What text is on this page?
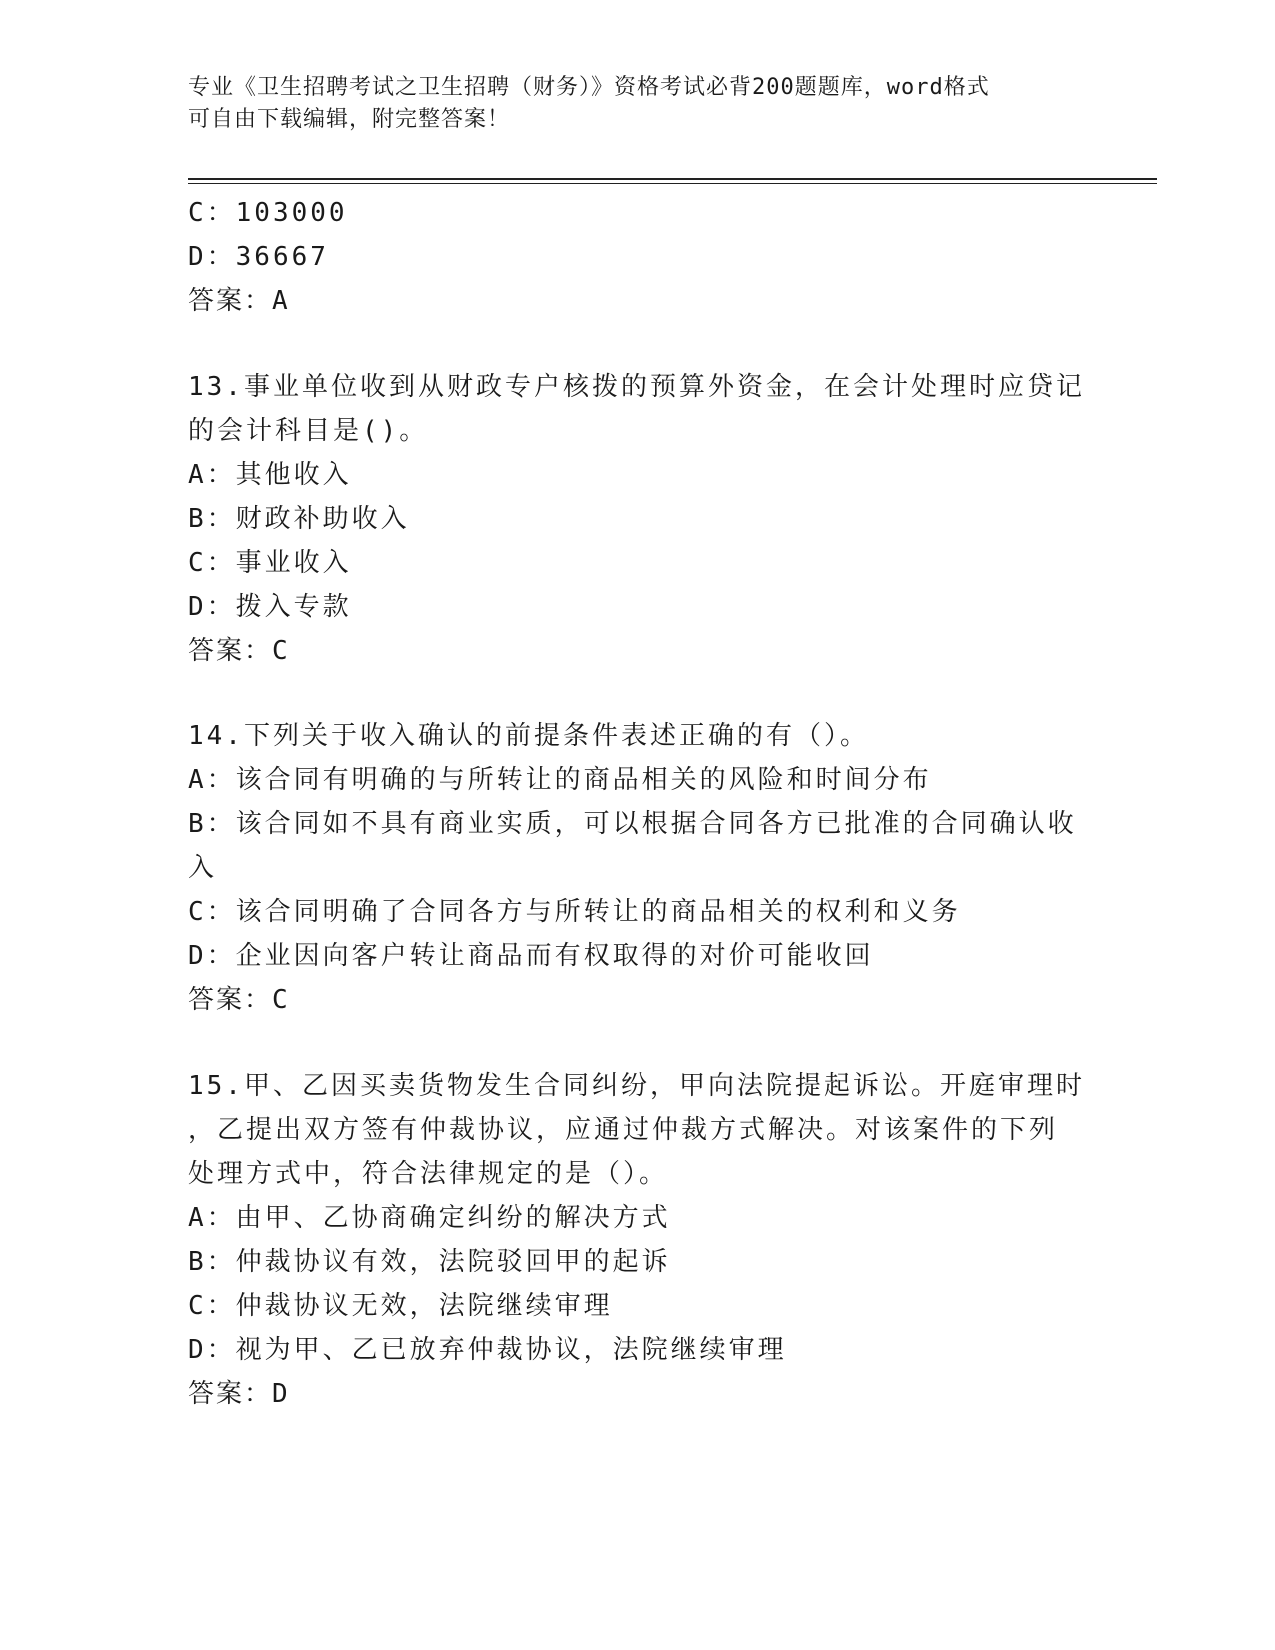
专业《卫生招聘考试之卫生招聘（财务）》资格考试必背200题题库，word格式
可自由下载编辑，附完整答案！
C：103000
D：36667
答案：A
13.事业单位收到从财政专户核拨的预算外资金，在会计处理时应贷记
的会计科目是()。
A：其他收入
B：财政补助收入
C：事业收入
D：拨入专款
答案：C
14.下列关于收入确认的前提条件表述正确的有（）。
A：该合同有明确的与所转让的商品相关的风险和时间分布
B：该合同如不具有商业实质，可以根据合同各方已批准的合同确认收
入
C：该合同明确了合同各方与所转让的商品相关的权利和义务
D：企业因向客户转让商品而有权取得的对价可能收回
答案：C
15.甲、乙因买卖货物发生合同纠纷，甲向法院提起诉讼。开庭审理时
，乙提出双方签有仲裁协议，应通过仲裁方式解决。对该案件的下列
处理方式中，符合法律规定的是（）。
A：由甲、乙协商确定纠纷的解决方式
B：仲裁协议有效，法院驳回甲的起诉
C：仲裁协议无效，法院继续审理
D：视为甲、乙已放弃仲裁协议，法院继续审理
答案：D
